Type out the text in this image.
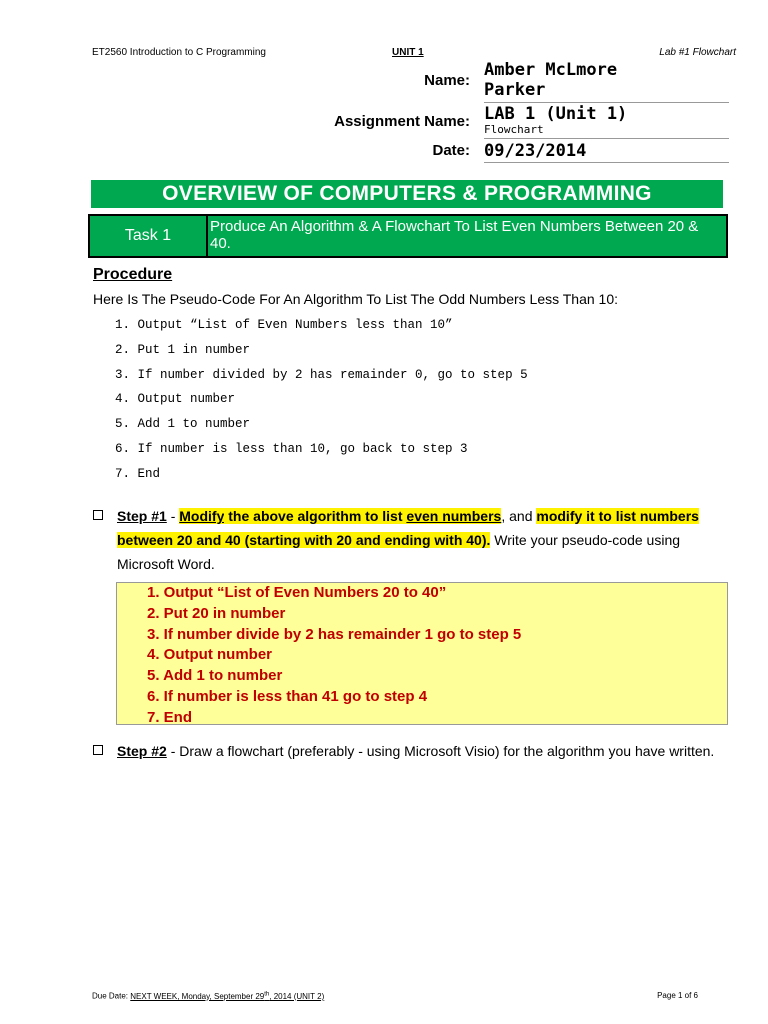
ET2560 Introduction to C Programming	UNIT 1	Lab #1 Flowchart
Name:
Amber McLmore
Parker
Assignment Name: LAB 1 (Unit 1)
Flowchart
Date: 09/23/2014
OVERVIEW OF COMPUTERS & PROGRAMMING
Task 1
Produce An Algorithm & A Flowchart To List Even Numbers Between 20 & 40.
Procedure
Here Is The Pseudo-Code For An Algorithm To List The Odd Numbers Less Than 10:
1. Output “List of Even Numbers less than 10”
2. Put 1 in number
3. If number divided by 2 has remainder 0, go to step 5
4. Output number
5. Add 1 to number
6. If number is less than 10, go back to step 3
7. End
Step #1 - Modify the above algorithm to list even numbers, and modify it to list numbers between 20 and 40 (starting with 20 and ending with 40). Write your pseudo-code using Microsoft Word.
1. Output “List of Even Numbers 20 to 40”
2. Put 20 in number
3. If number divide by 2 has remainder 1 go to step 5
4. Output number
5. Add 1 to number
6. If number is less than 41 go to step 4
7. End
Step #2 - Draw a flowchart (preferably - using Microsoft Visio) for the algorithm you have written.
Due Date: NEXT WEEK, Monday, September 29th, 2014 (UNIT 2)	Page 1 of 6
